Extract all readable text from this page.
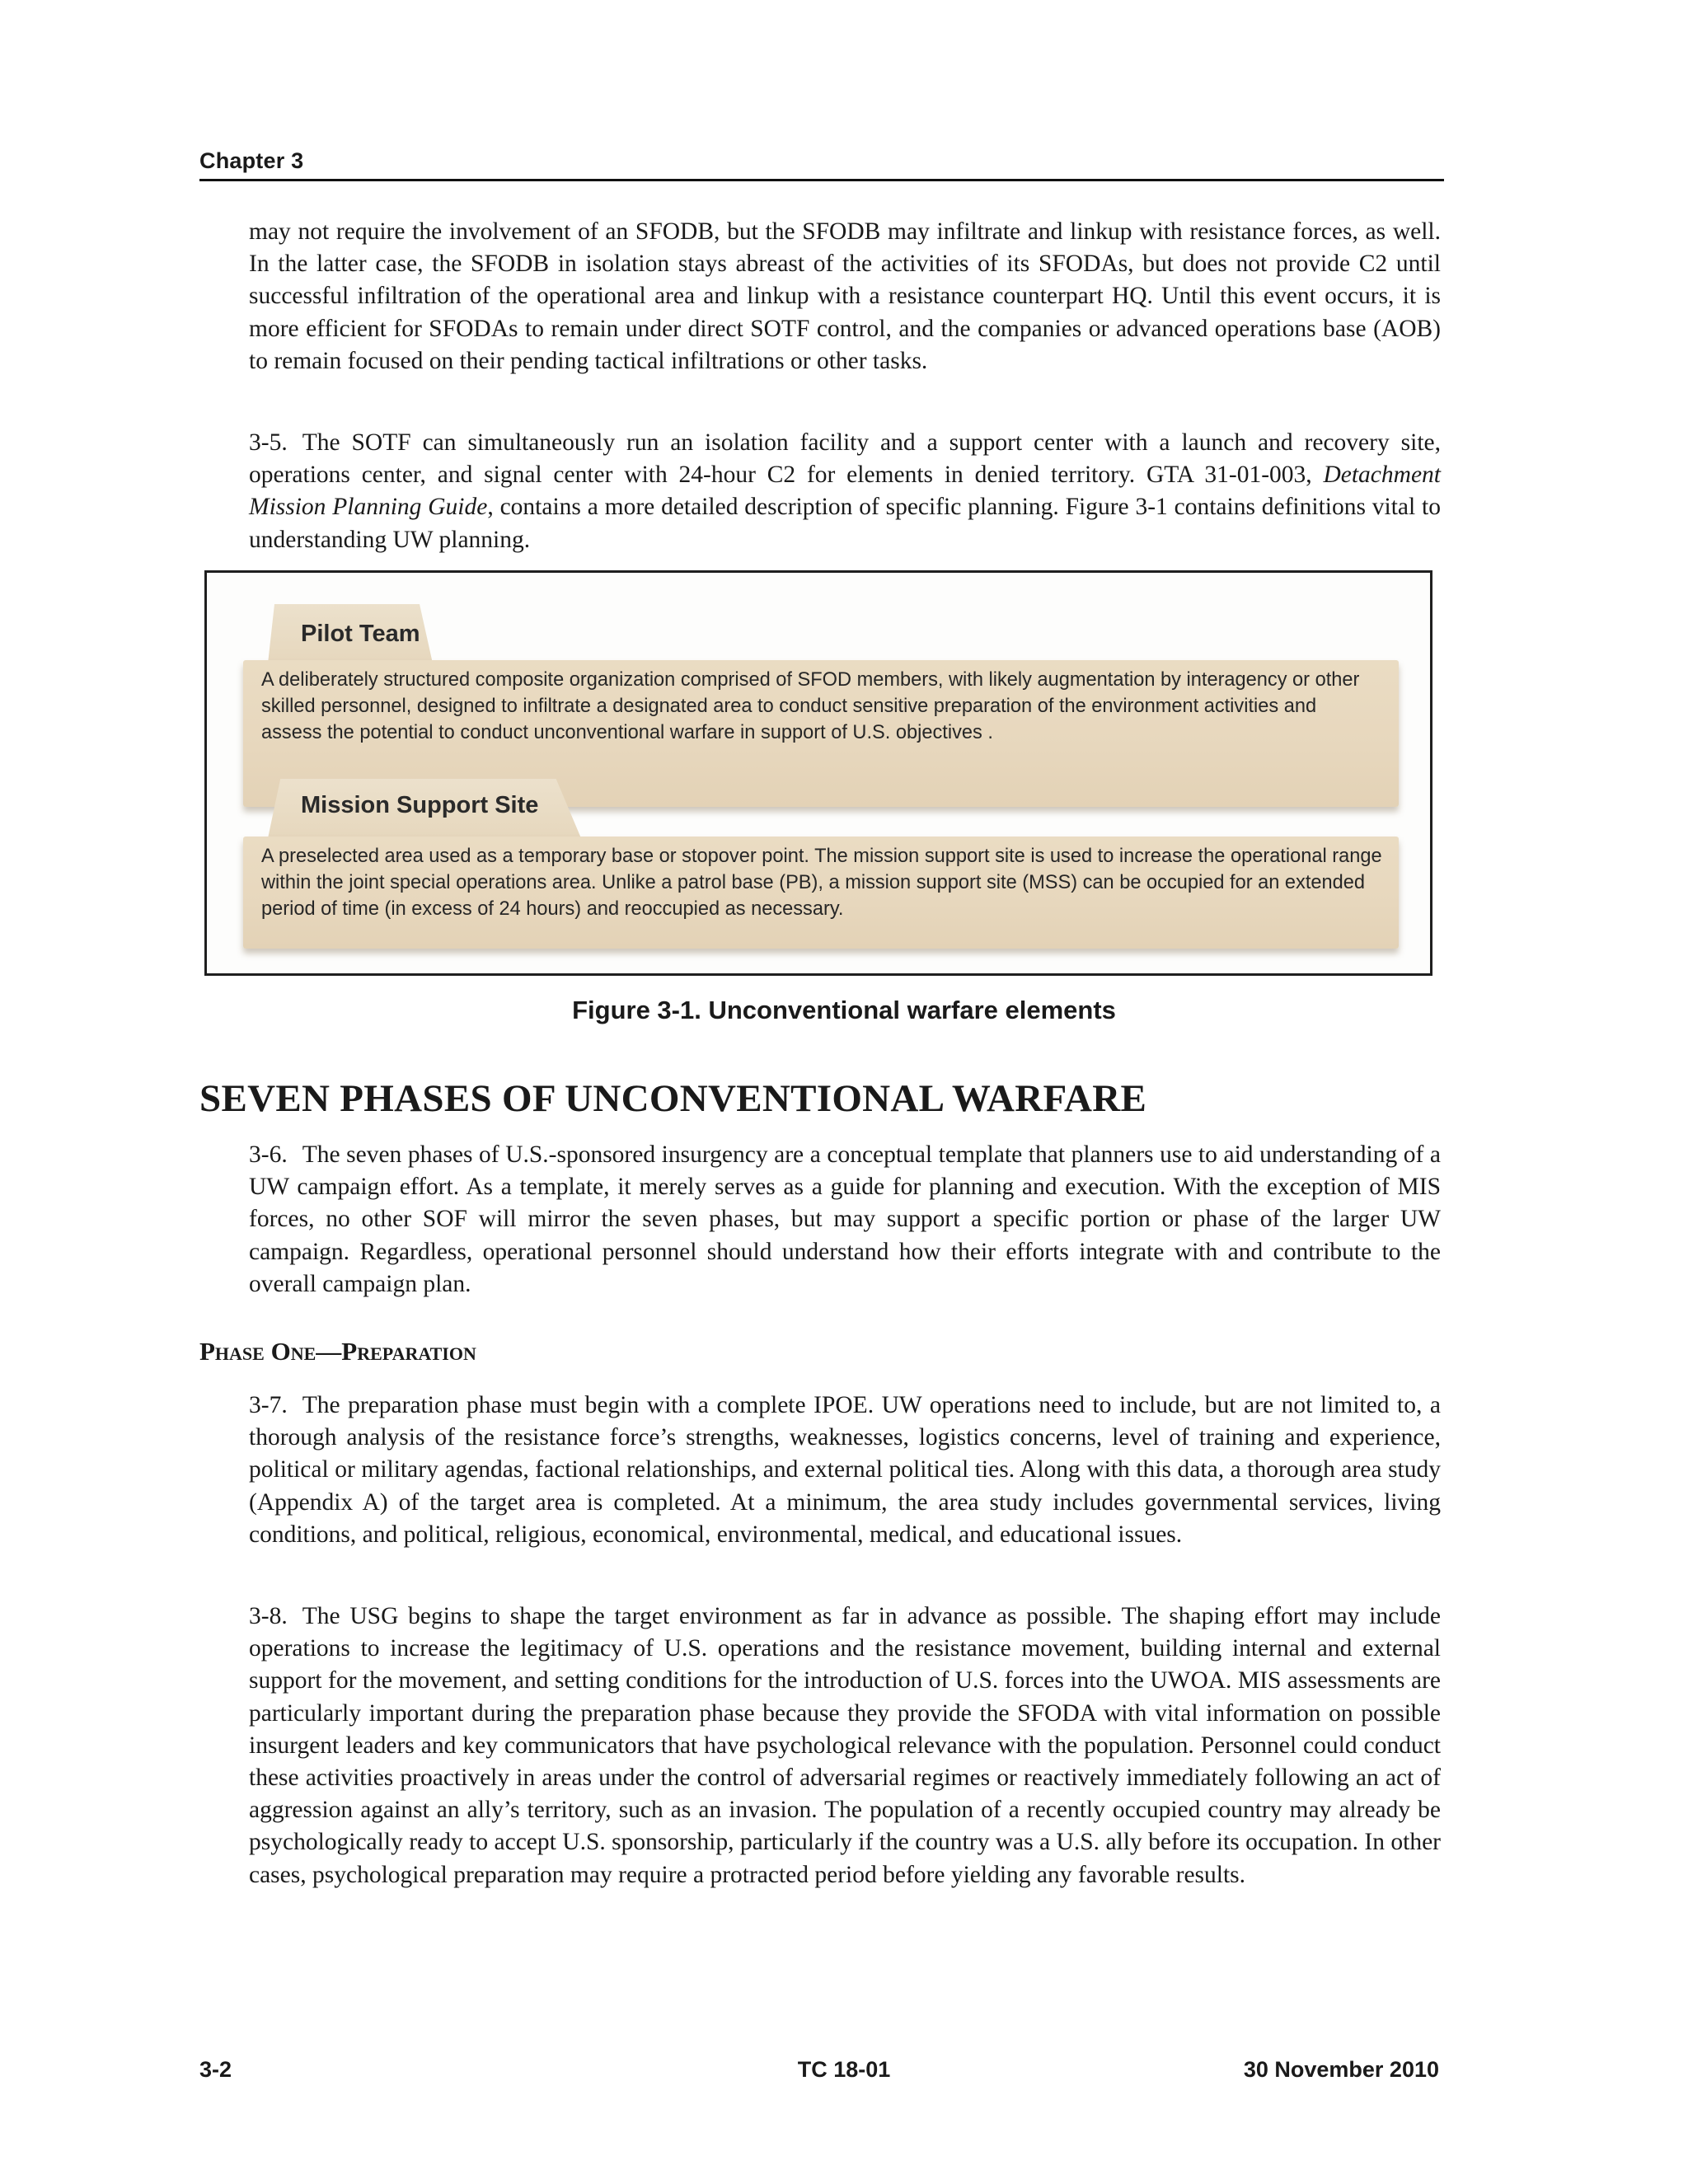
Chapter 3

may not require the involvement of an SFODB, but the SFODB may infiltrate and linkup with resistance forces, as well. In the latter case, the SFODB in isolation stays abreast of the activities of its SFODAs, but does not provide C2 until successful infiltration of the operational area and linkup with a resistance counterpart HQ. Until this event occurs, it is more efficient for SFODAs to remain under direct SOTF control, and the companies or advanced operations base (AOB) to remain focused on their pending tactical infiltrations or other tasks.

3-5. The SOTF can simultaneously run an isolation facility and a support center with a launch and recovery site, operations center, and signal center with 24-hour C2 for elements in denied territory. GTA 31-01-003, Detachment Mission Planning Guide, contains a more detailed description of specific planning. Figure 3-1 contains definitions vital to understanding UW planning.

Pilot Team
A deliberately structured composite organization comprised of SFOD members, with likely augmentation by interagency or other skilled personnel, designed to infiltrate a designated area to conduct sensitive preparation of the environment activities and assess the potential to conduct unconventional warfare in support of U.S. objectives .
Mission Support Site
A preselected area used as a temporary base or stopover point. The mission support site is used to increase the operational range within the joint special operations area. Unlike a patrol base (PB), a mission support site (MSS) can be occupied for an extended period of time (in excess of 24 hours) and reoccupied as necessary.
Figure 3-1. Unconventional warfare elements
SEVEN PHASES OF UNCONVENTIONAL WARFARE

3-6. The seven phases of U.S.-sponsored insurgency are a conceptual template that planners use to aid understanding of a UW campaign effort. As a template, it merely serves as a guide for planning and execution. With the exception of MIS forces, no other SOF will mirror the seven phases, but may support a specific portion or phase of the larger UW campaign. Regardless, operational personnel should understand how their efforts integrate with and contribute to the overall campaign plan.

Phase One—Preparation

3-7. The preparation phase must begin with a complete IPOE. UW operations need to include, but are not limited to, a thorough analysis of the resistance force’s strengths, weaknesses, logistics concerns, level of training and experience, political or military agendas, factional relationships, and external political ties. Along with this data, a thorough area study (Appendix A) of the target area is completed. At a minimum, the area study includes governmental services, living conditions, and political, religious, economical, environmental, medical, and educational issues.

3-8. The USG begins to shape the target environment as far in advance as possible. The shaping effort may include operations to increase the legitimacy of U.S. operations and the resistance movement, building internal and external support for the movement, and setting conditions for the introduction of U.S. forces into the UWOA. MIS assessments are particularly important during the preparation phase because they provide the SFODA with vital information on possible insurgent leaders and key communicators that have psychological relevance with the population. Personnel could conduct these activities proactively in areas under the control of adversarial regimes or reactively immediately following an act of aggression against an ally’s territory, such as an invasion. The population of a recently occupied country may already be psychologically ready to accept U.S. sponsorship, particularly if the country was a U.S. ally before its occupation. In other cases, psychological preparation may require a protracted period before yielding any favorable results.

3-2	TC 18-01	30 November 2010
